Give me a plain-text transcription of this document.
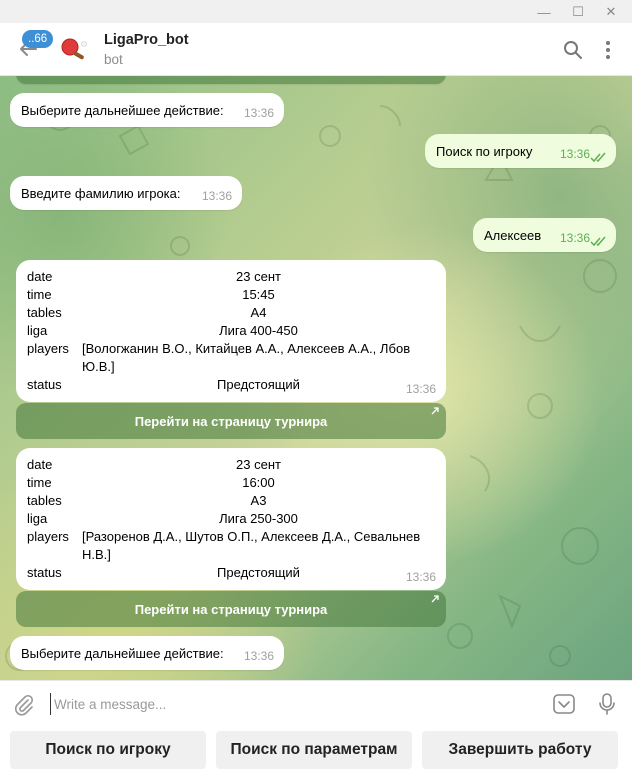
—	☐	✕
..66	LigaPro_bot
bot
Выберите дальнейшее действие: 13:36
Поиск по игроку 13:36
Введите фамилию игрока: 13:36
Алексеев 13:36
date	23 сент
time	15:45
tables	A4
liga	Лига 400-450
players	[Вологжанин В.О., Китайцев А.А., Алексеев А.А., Лбов Ю.В.]
status	Предстоящий	13:36
Перейти на страницу турнира
date	23 сент
time	16:00
tables	A3
liga	Лига 250-300
players	[Разоренов Д.А., Шутов О.П., Алексеев Д.А., Севальнев Н.В.]
status	Предстоящий	13:36
Перейти на страницу турнира
Выберите дальнейшее действие: 13:36
Write a message...
Поиск по игроку	Поиск по параметрам	Завершить работу
